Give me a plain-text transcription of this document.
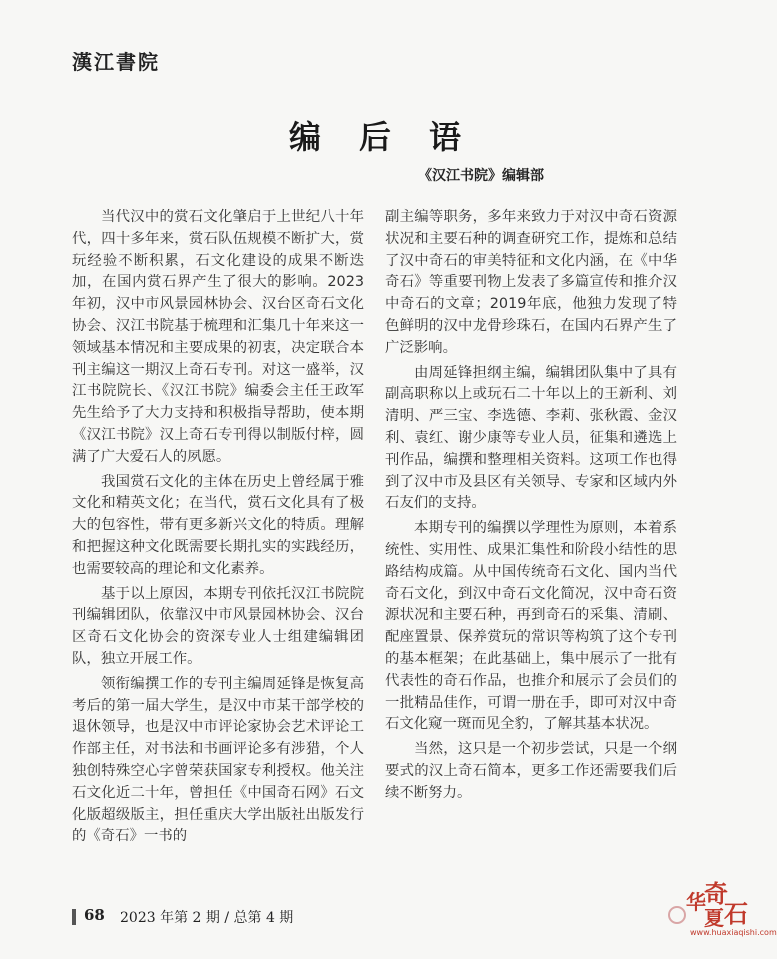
漢江書院
编后语
《汉江书院》编辑部

当代汉中的赏石文化肇启于上世纪八十年代，四十多年来，赏石队伍规模不断扩大，赏玩经验不断积累，石文化建设的成果不断迭加，在国内赏石界产生了很大的影响。2023年初，汉中市风景园林协会、汉台区奇石文化协会、汉江书院基于梳理和汇集几十年来这一领域基本情况和主要成果的初衷，决定联合本刊主编这一期汉上奇石专刊。对这一盛举，汉江书院院长、《汉江书院》编委会主任王政军先生给予了大力支持和积极指导帮助，使本期《汉江书院》汉上奇石专刊得以制版付梓，圆满了广大爱石人的夙愿。

我国赏石文化的主体在历史上曾经属于雅文化和精英文化；在当代，赏石文化具有了极大的包容性，带有更多新兴文化的特质。理解和把握这种文化既需要长期扎实的实践经历，也需要较高的理论和文化素养。

基于以上原因，本期专刊依托汉江书院院刊编辑团队，依靠汉中市风景园林协会、汉台区奇石文化协会的资深专业人士组建编辑团队，独立开展工作。

领衔编撰工作的专刊主编周延锋是恢复高考后的第一届大学生，是汉中市某干部学校的退休领导，也是汉中市评论家协会艺术评论工作部主任，对书法和书画评论多有涉猎，个人独创特殊空心字曾荣获国家专利授权。他关注石文化近二十年，曾担任《中国奇石网》石文化版超级版主，担任重庆大学出版社出版发行的《奇石》一书的

副主编等职务，多年来致力于对汉中奇石资源状况和主要石种的调查研究工作，提炼和总结了汉中奇石的审美特征和文化内涵，在《中华奇石》等重要刊物上发表了多篇宣传和推介汉中奇石的文章；2019年底，他独力发现了特色鲜明的汉中龙骨珍珠石，在国内石界产生了广泛影响。

由周延锋担纲主编，编辑团队集中了具有副高职称以上或玩石二十年以上的王新利、刘清明、严三宝、李选德、李莉、张秋霞、金汉利、袁红、谢少康等专业人员，征集和遴选上刊作品，编撰和整理相关资料。这项工作也得到了汉中市及县区有关领导、专家和区域内外石友们的支持。

本期专刊的编撰以学理性为原则，本着系统性、实用性、成果汇集性和阶段小结性的思路结构成篇。从中国传统奇石文化、国内当代奇石文化，到汉中奇石文化简况，汉中奇石资源状况和主要石种，再到奇石的采集、清刷、配座置景、保养赏玩的常识等构筑了这个专刊的基本框架；在此基础上，集中展示了一批有代表性的奇石作品，也推介和展示了会员们的一批精品佳作，可谓一册在手，即可对汉中奇石文化窥一斑而见全豹，了解其基本状况。

当然，这只是一个初步尝试，只是一个纲要式的汉上奇石简本，更多工作还需要我们后续不断努力。

68 2023 年第 2 期 / 总第 4 期
奇
石
华
夏
www.huaxiaqishi.com
